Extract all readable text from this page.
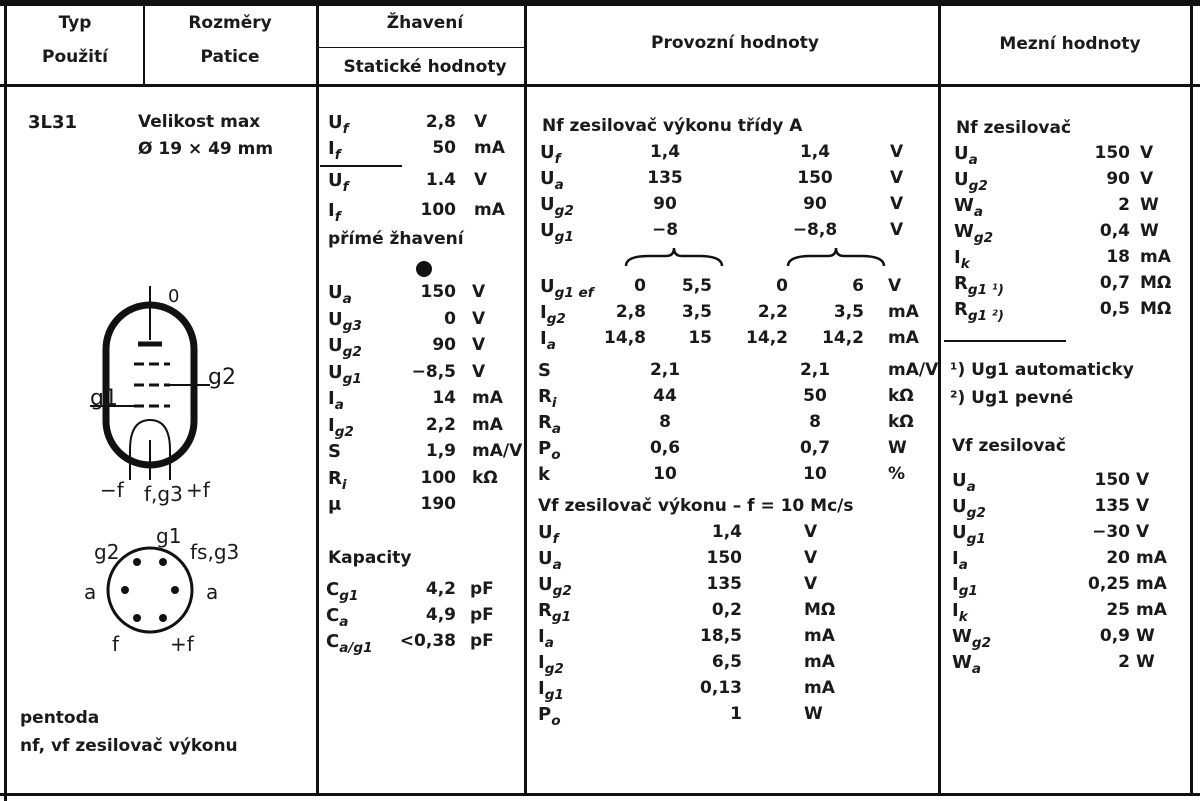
Typ
Použití
Rozměry
Patice
Žhavení
Statické hodnoty
Provozní hodnoty	Mezní hodnoty
3L31	Velikost max
Ø 19 × 49 mm
pentoda
nf, vf zesilovač výkonu
0
g1
g2
−f f,g3 +f
g1
g2	fs,g3
a	a
f	+f
$U_f$	2,8 V
$I_f$	50 mA
$U_f$	1.4 V
$I_f$	100 mA
přímé žhavení
$U_a$	150 V
$U_{g3}$	0 V
$U_{g2}$	90 V
$U_{g1}$	−8,5 V
$I_a$	14 mA
$I_{g2}$	2,2 mA
S	1,9 mA/V
$R_i$	100 kΩ
μ	190
Kapacity
$C_{g1}$	4,2 pF
$C_a$	4,9 pF
$C_{a/g1}$	<0,38 pF
Nf zesilovač výkonu třídy A
$U_f$	1,4	1,4	V
$U_a$	135	150	V
$U_{g2}$	90	90	V
$U_{g1}$	−8	−8,8	V
$U_{g1 ef}$	0	5,5	0	6 V
$I_{g2}$	2,8	3,5	2,2	3,5 mA
$I_a$	14,8	15	14,2	14,2 mA
S	2,1	2,1	mA/V
$R_i$	44	50	kΩ
$R_a$	8	8	kΩ
$P_o$	0,6	0,7	W
k	10	10	%
Vf zesilovač výkonu – f = 10 Mc/s
$U_f$	1,4	V
$U_a$	150	V
$U_{g2}$	135	V
$R_{g1}$	0,2	MΩ
$I_a$	18,5	mA
$I_{g2}$	6,5	mA
$I_{g1}$	0,13	mA
$P_o$	1	W
Nf zesilovač
$U_a$	150 V
$U_{g2}$	90 V
$W_a$	2 W
$W_{g2}$	0,4 W
$I_k$	18 mA
$R_{g1 ^1)}$	0,7 MΩ
$R_{g1 ^2)}$	0,5 MΩ
¹) Ug1 automaticky
²) Ug1 pevné
Vf zesilovač
$U_a$	150 V
$U_{g2}$	135 V
$U_{g1}$	−30 V
$I_a$	20 mA
$I_{g1}$	0,25 mA
$I_k$	25 mA
$W_{g2}$	0,9 W
$W_a$	2 W
